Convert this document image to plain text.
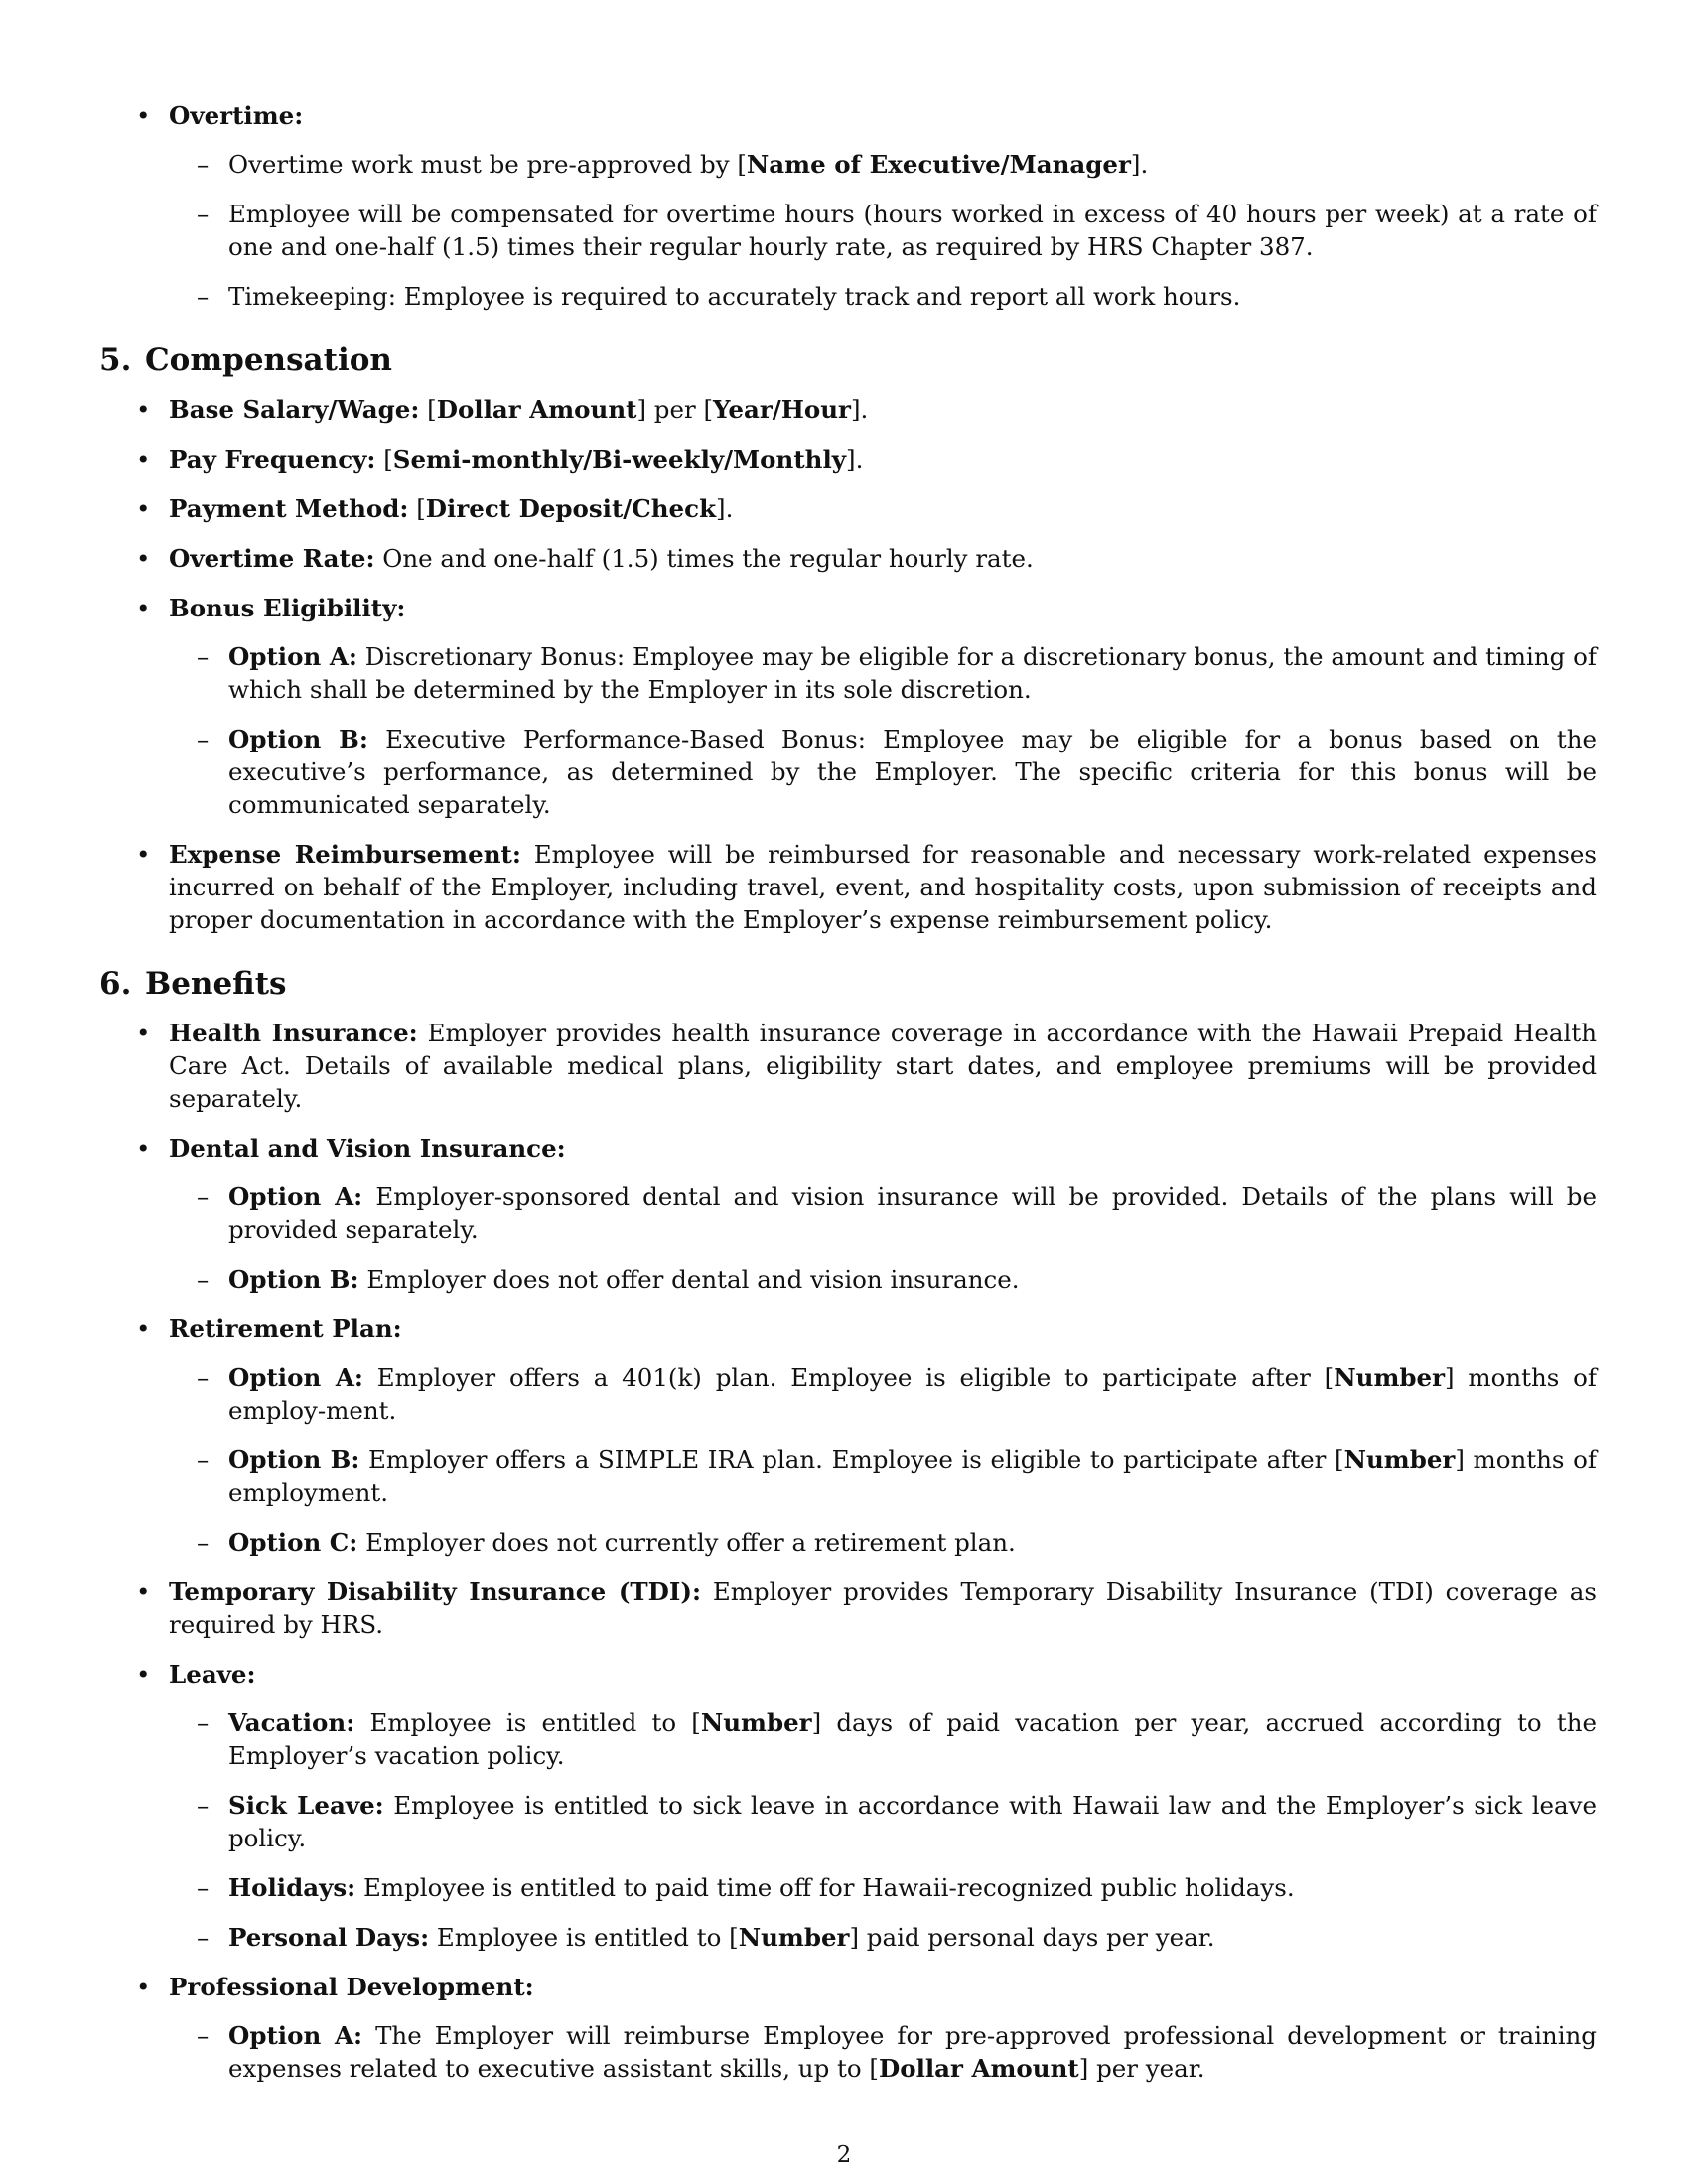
• Overtime:
– Overtime work must be pre-approved by [Name of Executive/Manager].
– Employee will be compensated for overtime hours (hours worked in excess of 40 hours per week) at a rate of one and one-half (1.5) times their regular hourly rate, as required by HRS Chapter 387.
– Timekeeping: Employee is required to accurately track and report all work hours.
5. Compensation
• Base Salary/Wage: [Dollar Amount] per [Year/Hour].
• Pay Frequency: [Semi-monthly/Bi-weekly/Monthly].
• Payment Method: [Direct Deposit/Check].
• Overtime Rate: One and one-half (1.5) times the regular hourly rate.
• Bonus Eligibility:
– Option A: Discretionary Bonus: Employee may be eligible for a discretionary bonus, the amount and timing of which shall be determined by the Employer in its sole discretion.
– Option B: Executive Performance-Based Bonus: Employee may be eligible for a bonus based on the executive’s performance, as determined by the Employer. The specific criteria for this bonus will be communicated separately.
• Expense Reimbursement: Employee will be reimbursed for reasonable and necessary work-related expenses incurred on behalf of the Employer, including travel, event, and hospitality costs, upon submission of receipts and proper documentation in accordance with the Employer’s expense reimbursement policy.
6. Benefits
• Health Insurance: Employer provides health insurance coverage in accordance with the Hawaii Prepaid Health Care Act. Details of available medical plans, eligibility start dates, and employee premiums will be provided separately.
• Dental and Vision Insurance:
– Option A: Employer-sponsored dental and vision insurance will be provided. Details of the plans will be provided separately.
– Option B: Employer does not offer dental and vision insurance.
• Retirement Plan:
– Option A: Employer offers a 401(k) plan. Employee is eligible to participate after [Number] months of employ-ment.
– Option B: Employer offers a SIMPLE IRA plan. Employee is eligible to participate after [Number] months of employment.
– Option C: Employer does not currently offer a retirement plan.
• Temporary Disability Insurance (TDI): Employer provides Temporary Disability Insurance (TDI) coverage as required by HRS.
• Leave:
– Vacation: Employee is entitled to [Number] days of paid vacation per year, accrued according to the Employer’s vacation policy.
– Sick Leave: Employee is entitled to sick leave in accordance with Hawaii law and the Employer’s sick leave policy.
– Holidays: Employee is entitled to paid time off for Hawaii-recognized public holidays.
– Personal Days: Employee is entitled to [Number] paid personal days per year.
• Professional Development:
– Option A: The Employer will reimburse Employee for pre-approved professional development or training expenses related to executive assistant skills, up to [Dollar Amount] per year.
2
